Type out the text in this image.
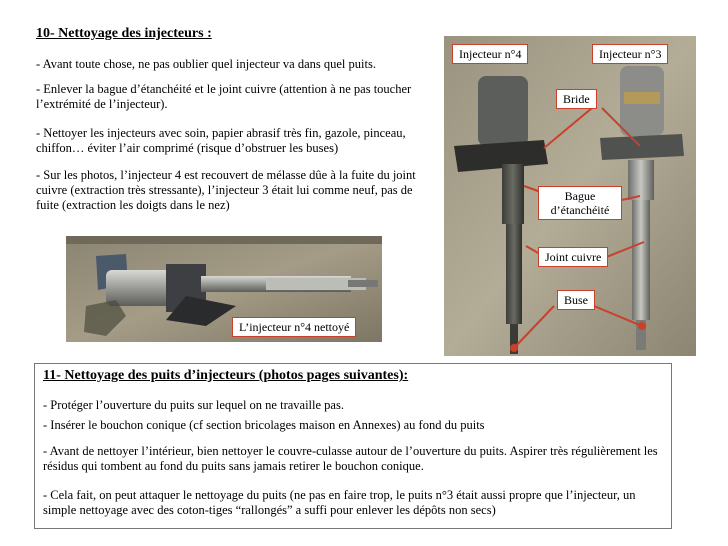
10- Nettoyage des injecteurs :
- Avant toute chose, ne pas oublier quel injecteur va dans quel puits.
- Enlever la bague d’étanchéité et le joint cuivre (attention à ne pas toucher l’extrémité de l’injecteur).
- Nettoyer les injecteurs avec soin, papier abrasif très fin, gazole, pinceau, chiffon… éviter l’air comprimé (risque d’obstruer les buses)
- Sur les photos, l’injecteur 4 est recouvert de mélasse dûe à la fuite du joint cuivre (extraction très stressante), l’injecteur 3 était lui comme neuf, pas de fuite (extraction les doigts dans le nez)
L’injecteur n°4 nettoyé
Injecteur n°4	Injecteur n°3
Bride
Bague d’étanchéité
Joint cuivre
Buse
11- Nettoyage des puits d’injecteurs (photos pages suivantes):
- Protéger l’ouverture du puits sur lequel on ne travaille pas.
- Insérer le bouchon conique (cf section bricolages maison en Annexes) au fond du puits
- Avant de nettoyer l’intérieur, bien nettoyer le couvre-culasse autour de l’ouverture du puits. Aspirer très régulièrement les résidus qui tombent au fond du puits sans jamais retirer le bouchon conique.
- Cela fait, on peut attaquer le nettoyage du puits (ne pas en faire trop, le puits n°3 était aussi propre que l’injecteur, un simple nettoyage avec des coton-tiges “rallongés” a suffi pour enlever les dépôts non secs)
